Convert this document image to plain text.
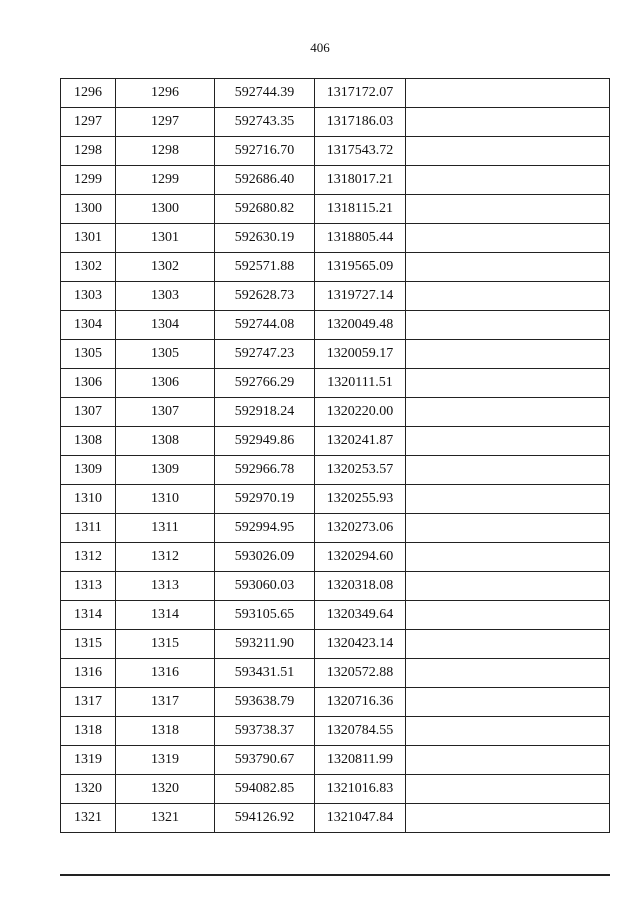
406
1296	1296	592744.39	1317172.07	
1297	1297	592743.35	1317186.03	
1298	1298	592716.70	1317543.72	
1299	1299	592686.40	1318017.21	
1300	1300	592680.82	1318115.21	
1301	1301	592630.19	1318805.44	
1302	1302	592571.88	1319565.09	
1303	1303	592628.73	1319727.14	
1304	1304	592744.08	1320049.48	
1305	1305	592747.23	1320059.17	
1306	1306	592766.29	1320111.51	
1307	1307	592918.24	1320220.00	
1308	1308	592949.86	1320241.87	
1309	1309	592966.78	1320253.57	
1310	1310	592970.19	1320255.93	
1311	1311	592994.95	1320273.06	
1312	1312	593026.09	1320294.60	
1313	1313	593060.03	1320318.08	
1314	1314	593105.65	1320349.64	
1315	1315	593211.90	1320423.14	
1316	1316	593431.51	1320572.88	
1317	1317	593638.79	1320716.36	
1318	1318	593738.37	1320784.55	
1319	1319	593790.67	1320811.99	
1320	1320	594082.85	1321016.83	
1321	1321	594126.92	1321047.84	
